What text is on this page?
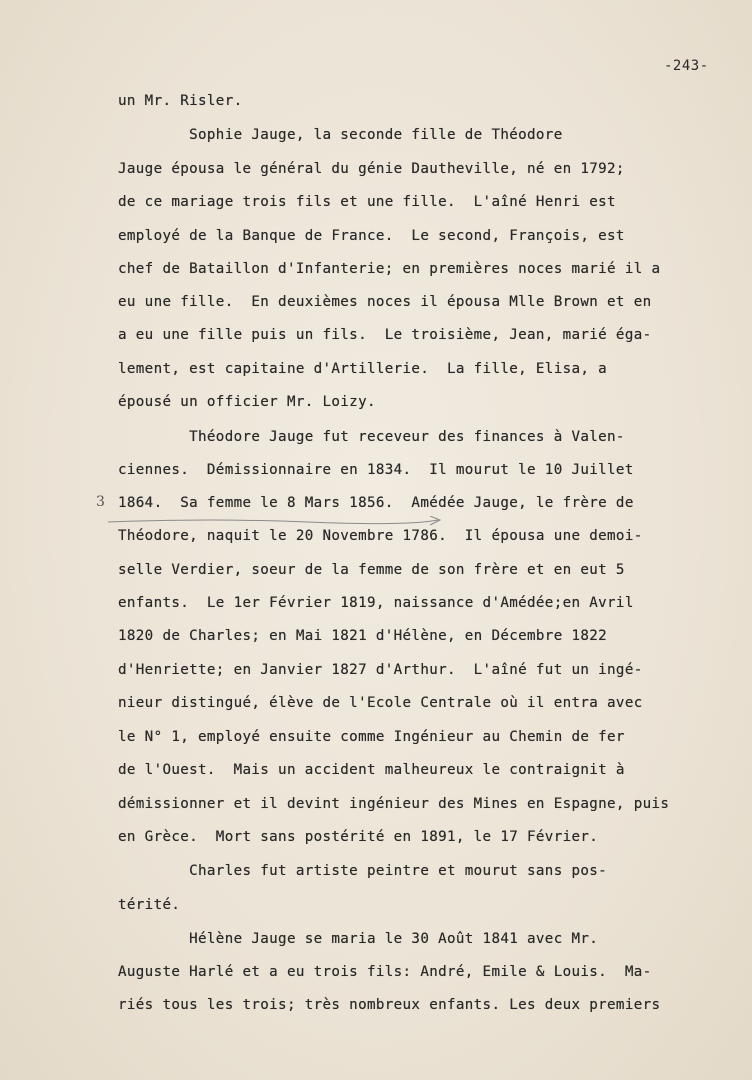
-243-
3
un Mr. Risler.
Sophie Jauge, la seconde fille de Théodore
Jauge épousa le général du génie Dautheville, né en 1792;
de ce mariage trois fils et une fille.  L'aîné Henri est
employé de la Banque de France.  Le second, François, est
chef de Bataillon d'Infanterie; en premières noces marié il a
eu une fille.  En deuxièmes noces il épousa Mlle Brown et en
a eu une fille puis un fils.  Le troisième, Jean, marié éga-
lement, est capitaine d'Artillerie.  La fille, Elisa, a
épousé un officier Mr. Loizy.
Théodore Jauge fut receveur des finances à Valen-
ciennes.  Démissionnaire en 1834.  Il mourut le 10 Juillet
1864.  Sa femme le 8 Mars 1856.  Amédée Jauge, le frère de
Théodore, naquit le 20 Novembre 1786.  Il épousa une demoi-
selle Verdier, soeur de la femme de son frère et en eut 5
enfants.  Le 1er Février 1819, naissance d'Amédée;en Avril
1820 de Charles; en Mai 1821 d'Hélène, en Décembre 1822
d'Henriette; en Janvier 1827 d'Arthur.  L'aîné fut un ingé-
nieur distingué, élève de l'Ecole Centrale où il entra avec
le N° 1, employé ensuite comme Ingénieur au Chemin de fer
de l'Ouest.  Mais un accident malheureux le contraignit à
démissionner et il devint ingénieur des Mines en Espagne, puis
en Grèce.  Mort sans postérité en 1891, le 17 Février.
Charles fut artiste peintre et mourut sans pos-
térité.
Hélène Jauge se maria le 30 Août 1841 avec Mr.
Auguste Harlé et a eu trois fils: André, Emile & Louis.  Ma-
riés tous les trois; très nombreux enfants. Les deux premiers
